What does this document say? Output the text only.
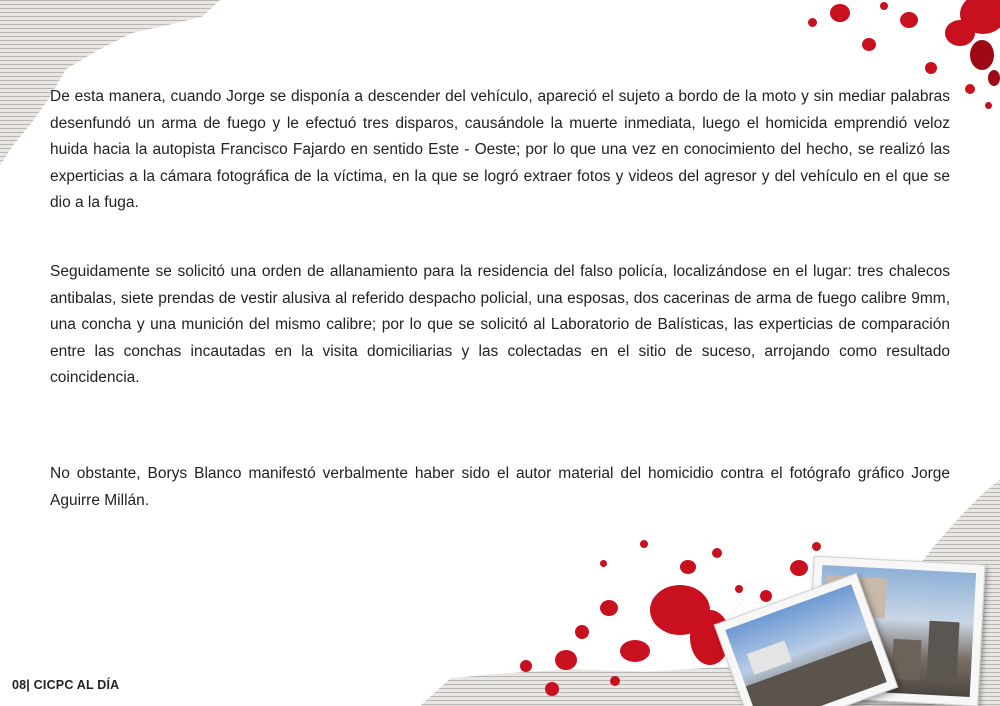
De esta manera, cuando Jorge se disponía a descender del vehículo, apareció el sujeto a bordo de la moto y sin mediar palabras desenfundó un arma de fuego y le efectuó tres disparos, causándole la muerte inmediata, luego el homicida emprendió veloz huida hacia la autopista Francisco Fajardo en sentido Este - Oeste; por lo que una vez en conocimiento del hecho, se realizó las experticias a la cámara fotográfica de la víctima, en la que se logró extraer fotos y videos del agresor y del vehículo en el que se dio a la fuga.

Seguidamente se solicitó una orden de allanamiento para la residencia del falso policía, localizándose en el lugar: tres chalecos antibalas, siete prendas de vestir alusiva al referido despacho policial, una esposas, dos cacerinas de arma de fuego calibre 9mm, una concha y una munición del mismo calibre; por lo que se solicitó al Laboratorio de Balísticas, las experticias de comparación entre las conchas incautadas en la visita domiciliarias y las colectadas en el sitio de suceso, arrojando como resultado coincidencia.

No obstante, Borys Blanco manifestó verbalmente haber sido el autor material del homicidio contra el fotógrafo gráfico Jorge Aguirre Millán.

08| CICPC AL DÍA
